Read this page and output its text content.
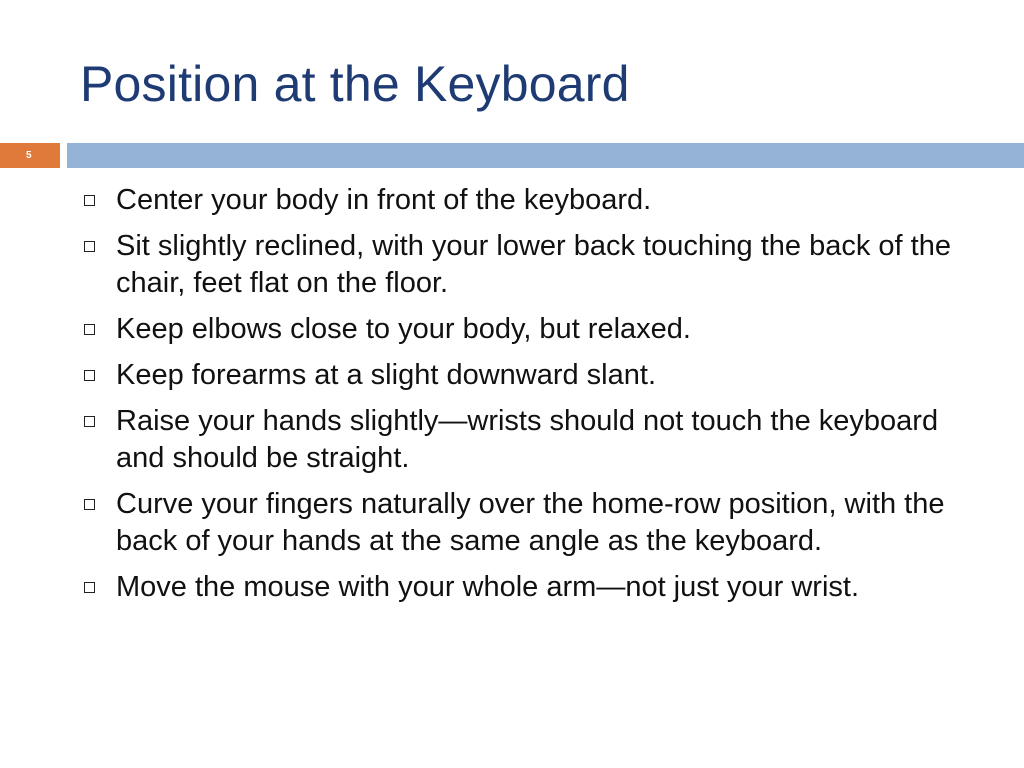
Position at the Keyboard
5
Center your body in front of the keyboard.
Sit slightly reclined, with your lower back touching the back of the chair, feet flat on the floor.
Keep elbows close to your body, but relaxed.
Keep forearms at a slight downward slant.
Raise your hands slightly—wrists should not touch the keyboard and should be straight.
Curve your fingers naturally over the home-row position, with the back of your hands at the same angle as the keyboard.
Move the mouse with your whole arm—not just your wrist.
